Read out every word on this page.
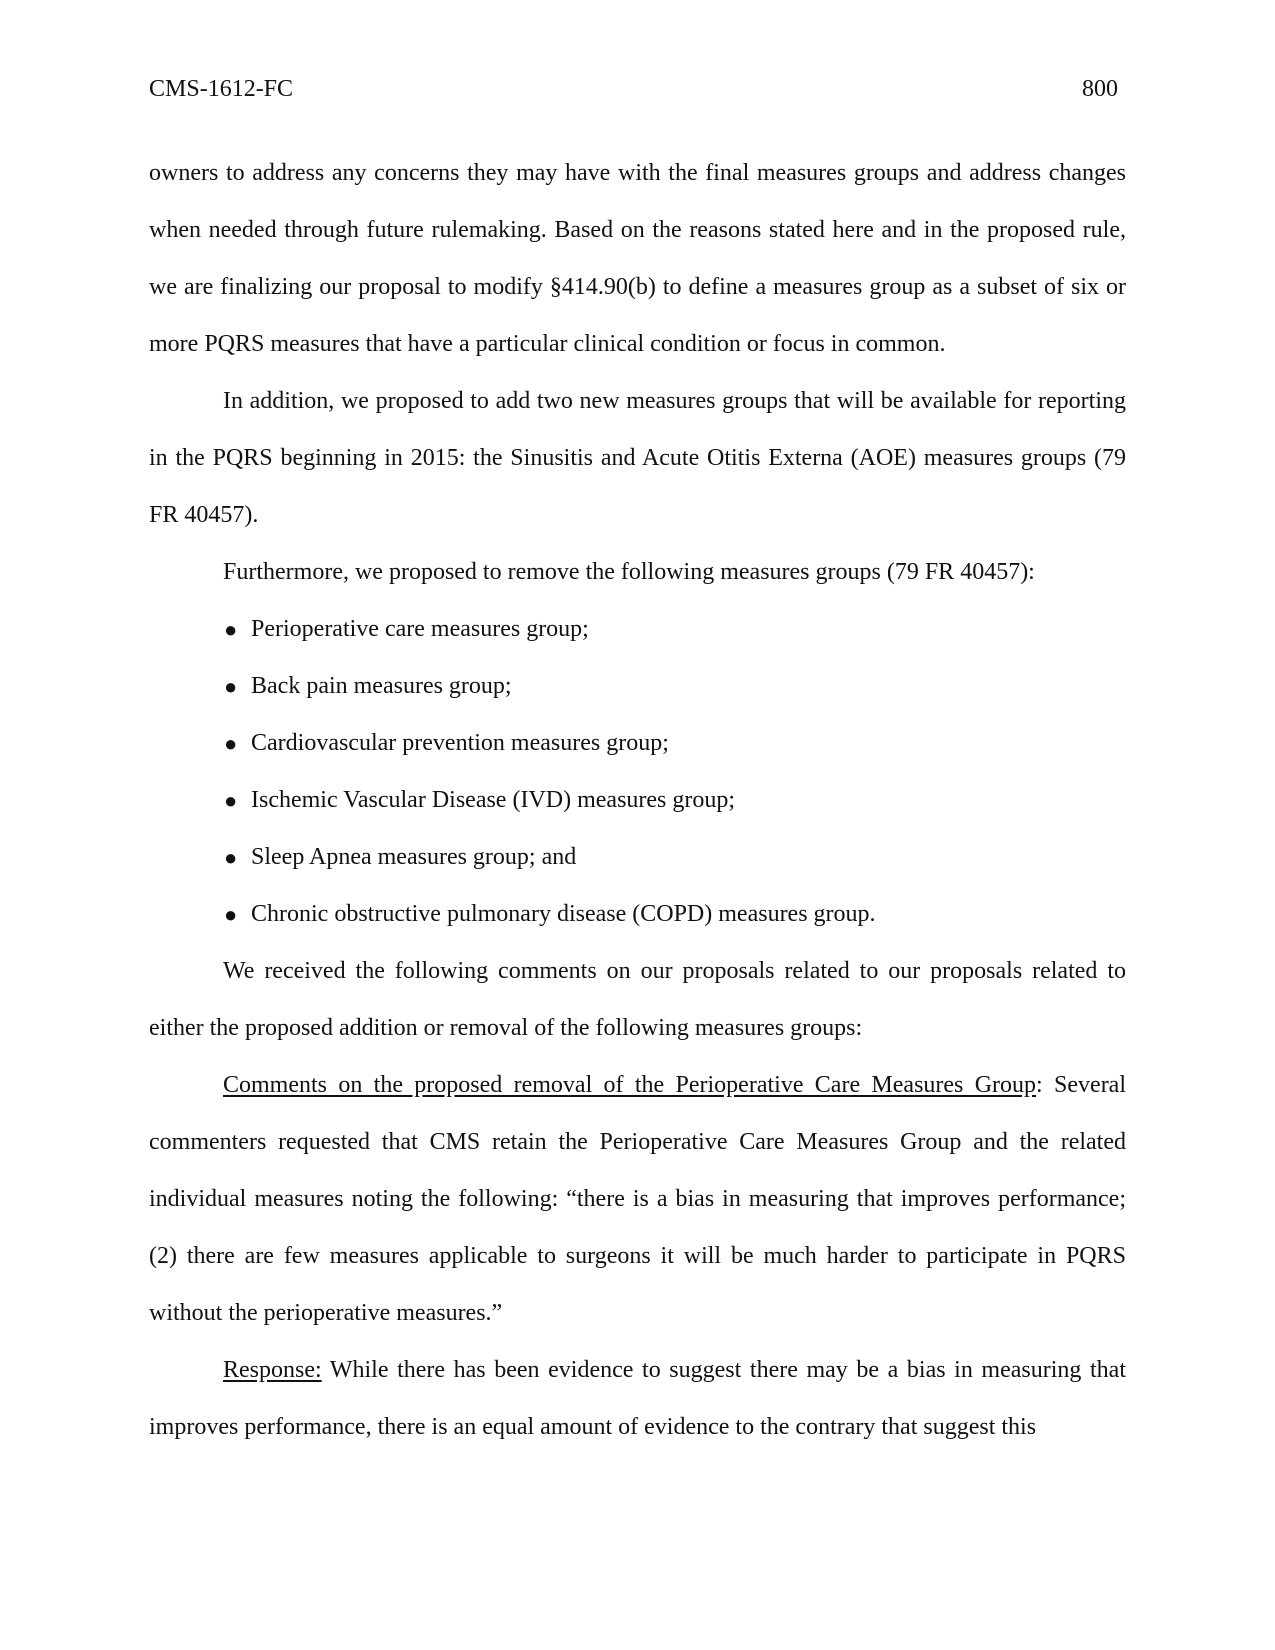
CMS-1612-FC	800

owners to address any concerns they may have with the final measures groups and address changes when needed through future rulemaking. Based on the reasons stated here and in the proposed rule, we are finalizing our proposal to modify §414.90(b) to define a measures group as a subset of six or more PQRS measures that have a particular clinical condition or focus in common.

In addition, we proposed to add two new measures groups that will be available for reporting in the PQRS beginning in 2015: the Sinusitis and Acute Otitis Externa (AOE) measures groups (79 FR 40457).

Furthermore, we proposed to remove the following measures groups (79 FR 40457):

● Perioperative care measures group;
● Back pain measures group;
● Cardiovascular prevention measures group;
● Ischemic Vascular Disease (IVD) measures group;
● Sleep Apnea measures group; and
● Chronic obstructive pulmonary disease (COPD) measures group.

We received the following comments on our proposals related to our proposals related to either the proposed addition or removal of the following measures groups:

Comments on the proposed removal of the Perioperative Care Measures Group: Several commenters requested that CMS retain the Perioperative Care Measures Group and the related individual measures noting the following: “there is a bias in measuring that improves performance; (2) there are few measures applicable to surgeons it will be much harder to participate in PQRS without the perioperative measures.”

Response: While there has been evidence to suggest there may be a bias in measuring that improves performance, there is an equal amount of evidence to the contrary that suggest this
